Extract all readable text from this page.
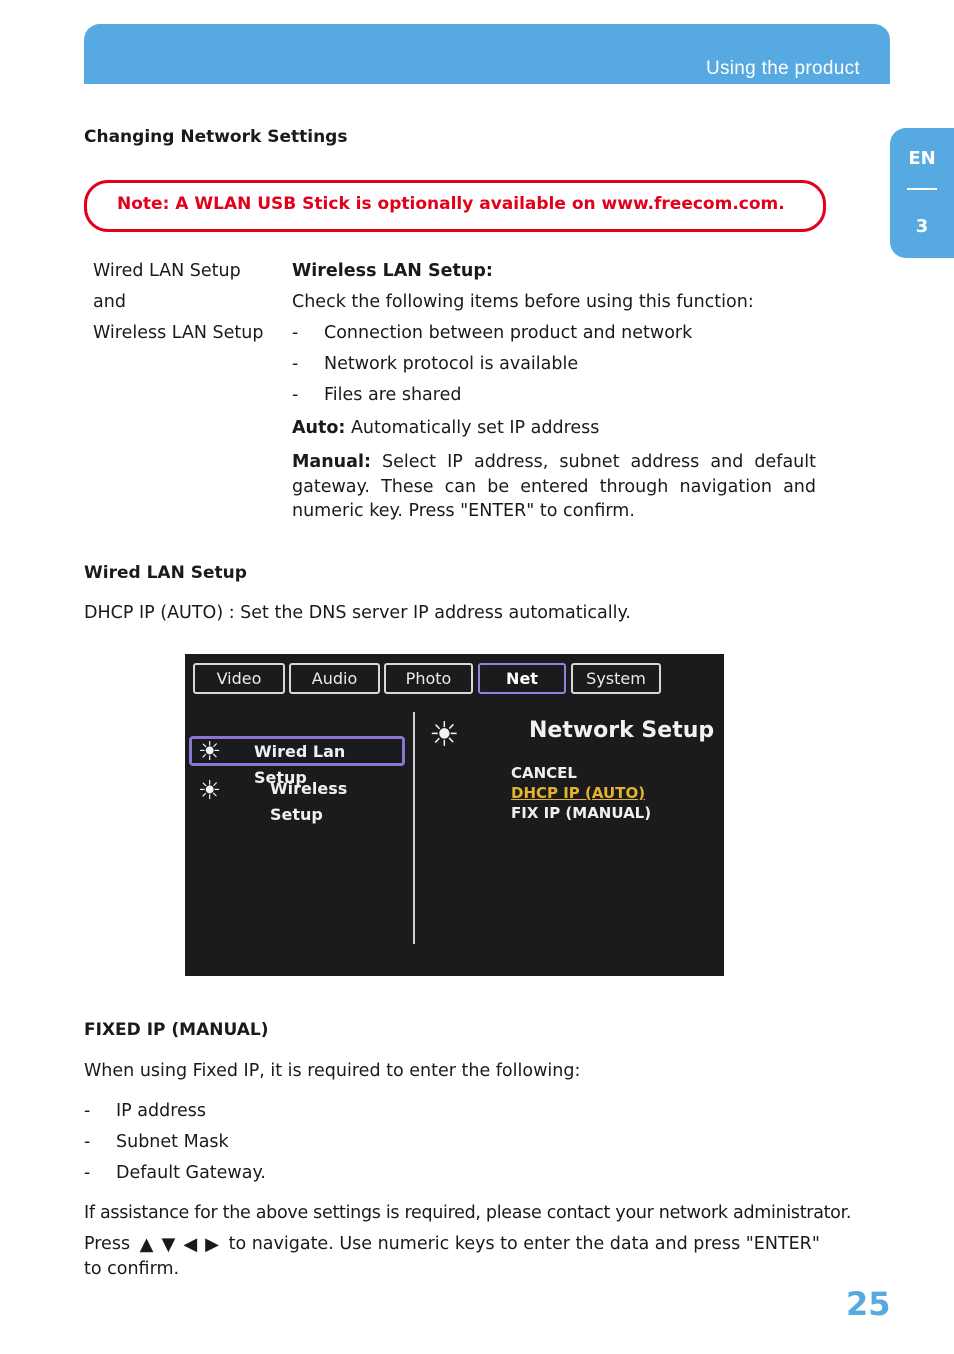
Using the product
EN
3
Changing Network Settings
Note: A WLAN USB Stick is optionally available on www.freecom.com.
Wired LAN Setup
and
Wireless LAN Setup
Wireless LAN Setup:
Check the following items before using this function:
- Connection between product and network
- Network protocol is available
- Files are shared
Auto: Automatically set IP address
Manual: Select IP address, subnet address and default gateway. These can be entered through navigation and numeric key. Press "ENTER" to confirm.
Wired LAN Setup
DHCP IP (AUTO) : Set the DNS server IP address automatically.
Video	Audio	Photo	Net	System
☀ Wired Lan Setup
☀	Wireless Setup
☀	Network Setup
CANCEL
DHCP IP (AUTO)
FIX IP (MANUAL)
FIXED IP (MANUAL)
When using Fixed IP, it is required to enter the following:
- IP address
- Subnet Mask
- Default Gateway.
If assistance for the above settings is required, please contact your network administrator.
Press ▲ ▼ ◀ ▶ to navigate. Use numeric keys to enter the data and press "ENTER" to confirm.
25
